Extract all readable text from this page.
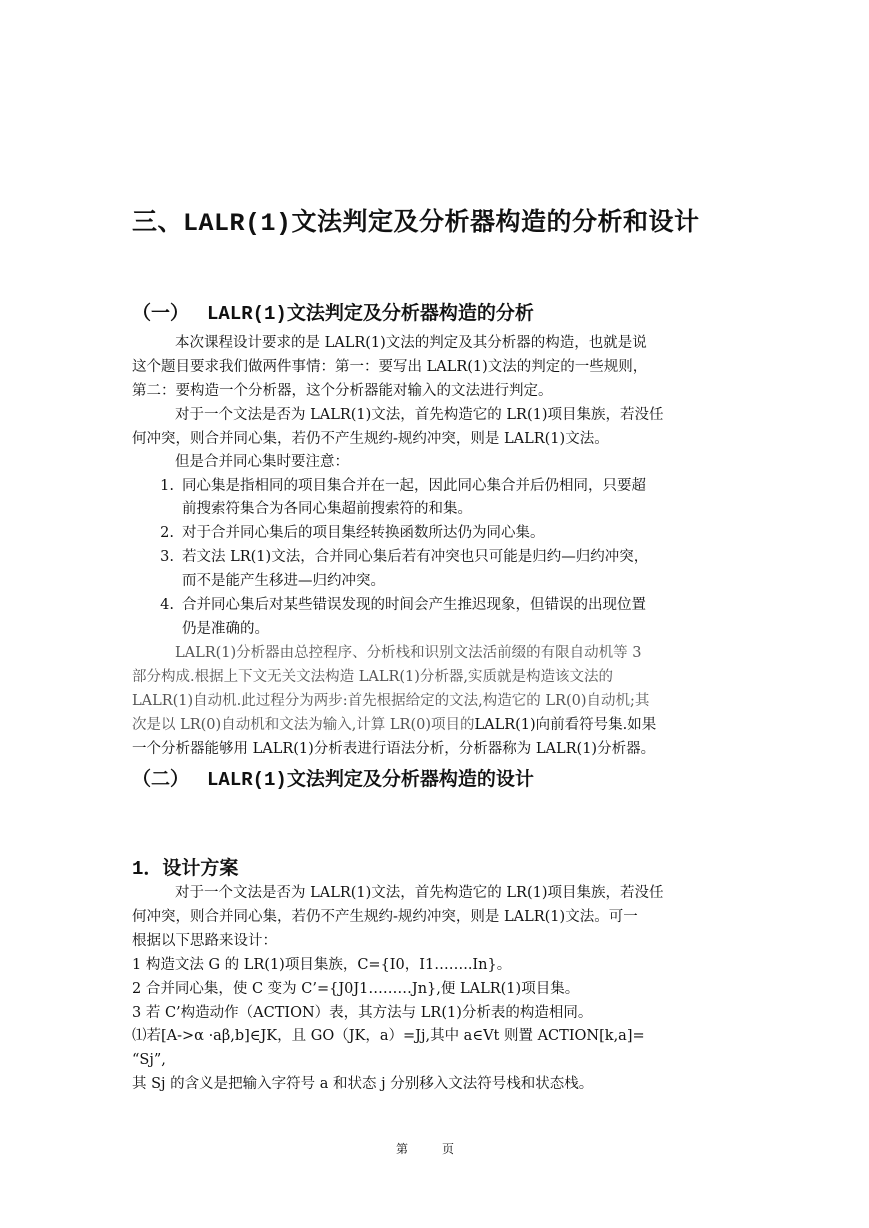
三、LALR(1)文法判定及分析器构造的分析和设计
（一） LALR(1)文法判定及分析器构造的分析
本次课程设计要求的是 LALR(1)文法的判定及其分析器的构造，也就是说
这个题目要求我们做两件事情：第一：要写出 LALR(1)文法的判定的一些规则，
第二：要构造一个分析器，这个分析器能对输入的文法进行判定。
对于一个文法是否为 LALR(1)文法，首先构造它的 LR(1)项目集族，若没任
何冲突，则合并同心集，若仍不产生规约-规约冲突，则是 LALR(1)文法。
但是合并同心集时要注意：
1. 同心集是指相同的项目集合并在一起，因此同心集合并后仍相同，只要超
前搜索符集合为各同心集超前搜索符的和集。
2. 对于合并同心集后的项目集经转换函数所达仍为同心集。
3. 若文法 LR(1)文法，合并同心集后若有冲突也只可能是归约—归约冲突，
而不是能产生移进—归约冲突。
4. 合并同心集后对某些错误发现的时间会产生推迟现象，但错误的出现位置
仍是准确的。
LALR(1)分析器由总控程序、分析栈和识别文法活前缀的有限自动机等 3
部分构成.根据上下文无关文法构造 LALR(1)分析器,实质就是构造该文法的
LALR(1)自动机.此过程分为两步:首先根据给定的文法,构造它的 LR(0)自动机;其
次是以 LR(0)自动机和文法为输入,计算 LR(0)项目的LALR(1)向前看符号集.如果
一个分析器能够用 LALR(1)分析表进行语法分析，分析器称为 LALR(1)分析器。
（二） LALR(1)文法判定及分析器构造的设计
1．设计方案
对于一个文法是否为 LALR(1)文法，首先构造它的 LR(1)项目集族，若没任
何冲突，则合并同心集，若仍不产生规约-规约冲突，则是 LALR(1)文法。可一
根据以下思路来设计：
1 构造文法 G 的 LR(1)项目集族，C={I0，I1……..In}。
2 合并同心集，使 C 变为 C’={J0J1………Jn},便 LALR(1)项目集。
3 若 C’构造动作（ACTION）表，其方法与 LR(1)分析表的构造相同。
⑴若[A->α ·aβ,b]∈JK，且 GO（JK，a）=Jj,其中 a∈Vt 则置 ACTION[k,a]=
“Sj”,
其 Sj 的含义是把输入字符号 a 和状态 j 分别移入文法符号栈和状态栈。
第	页
